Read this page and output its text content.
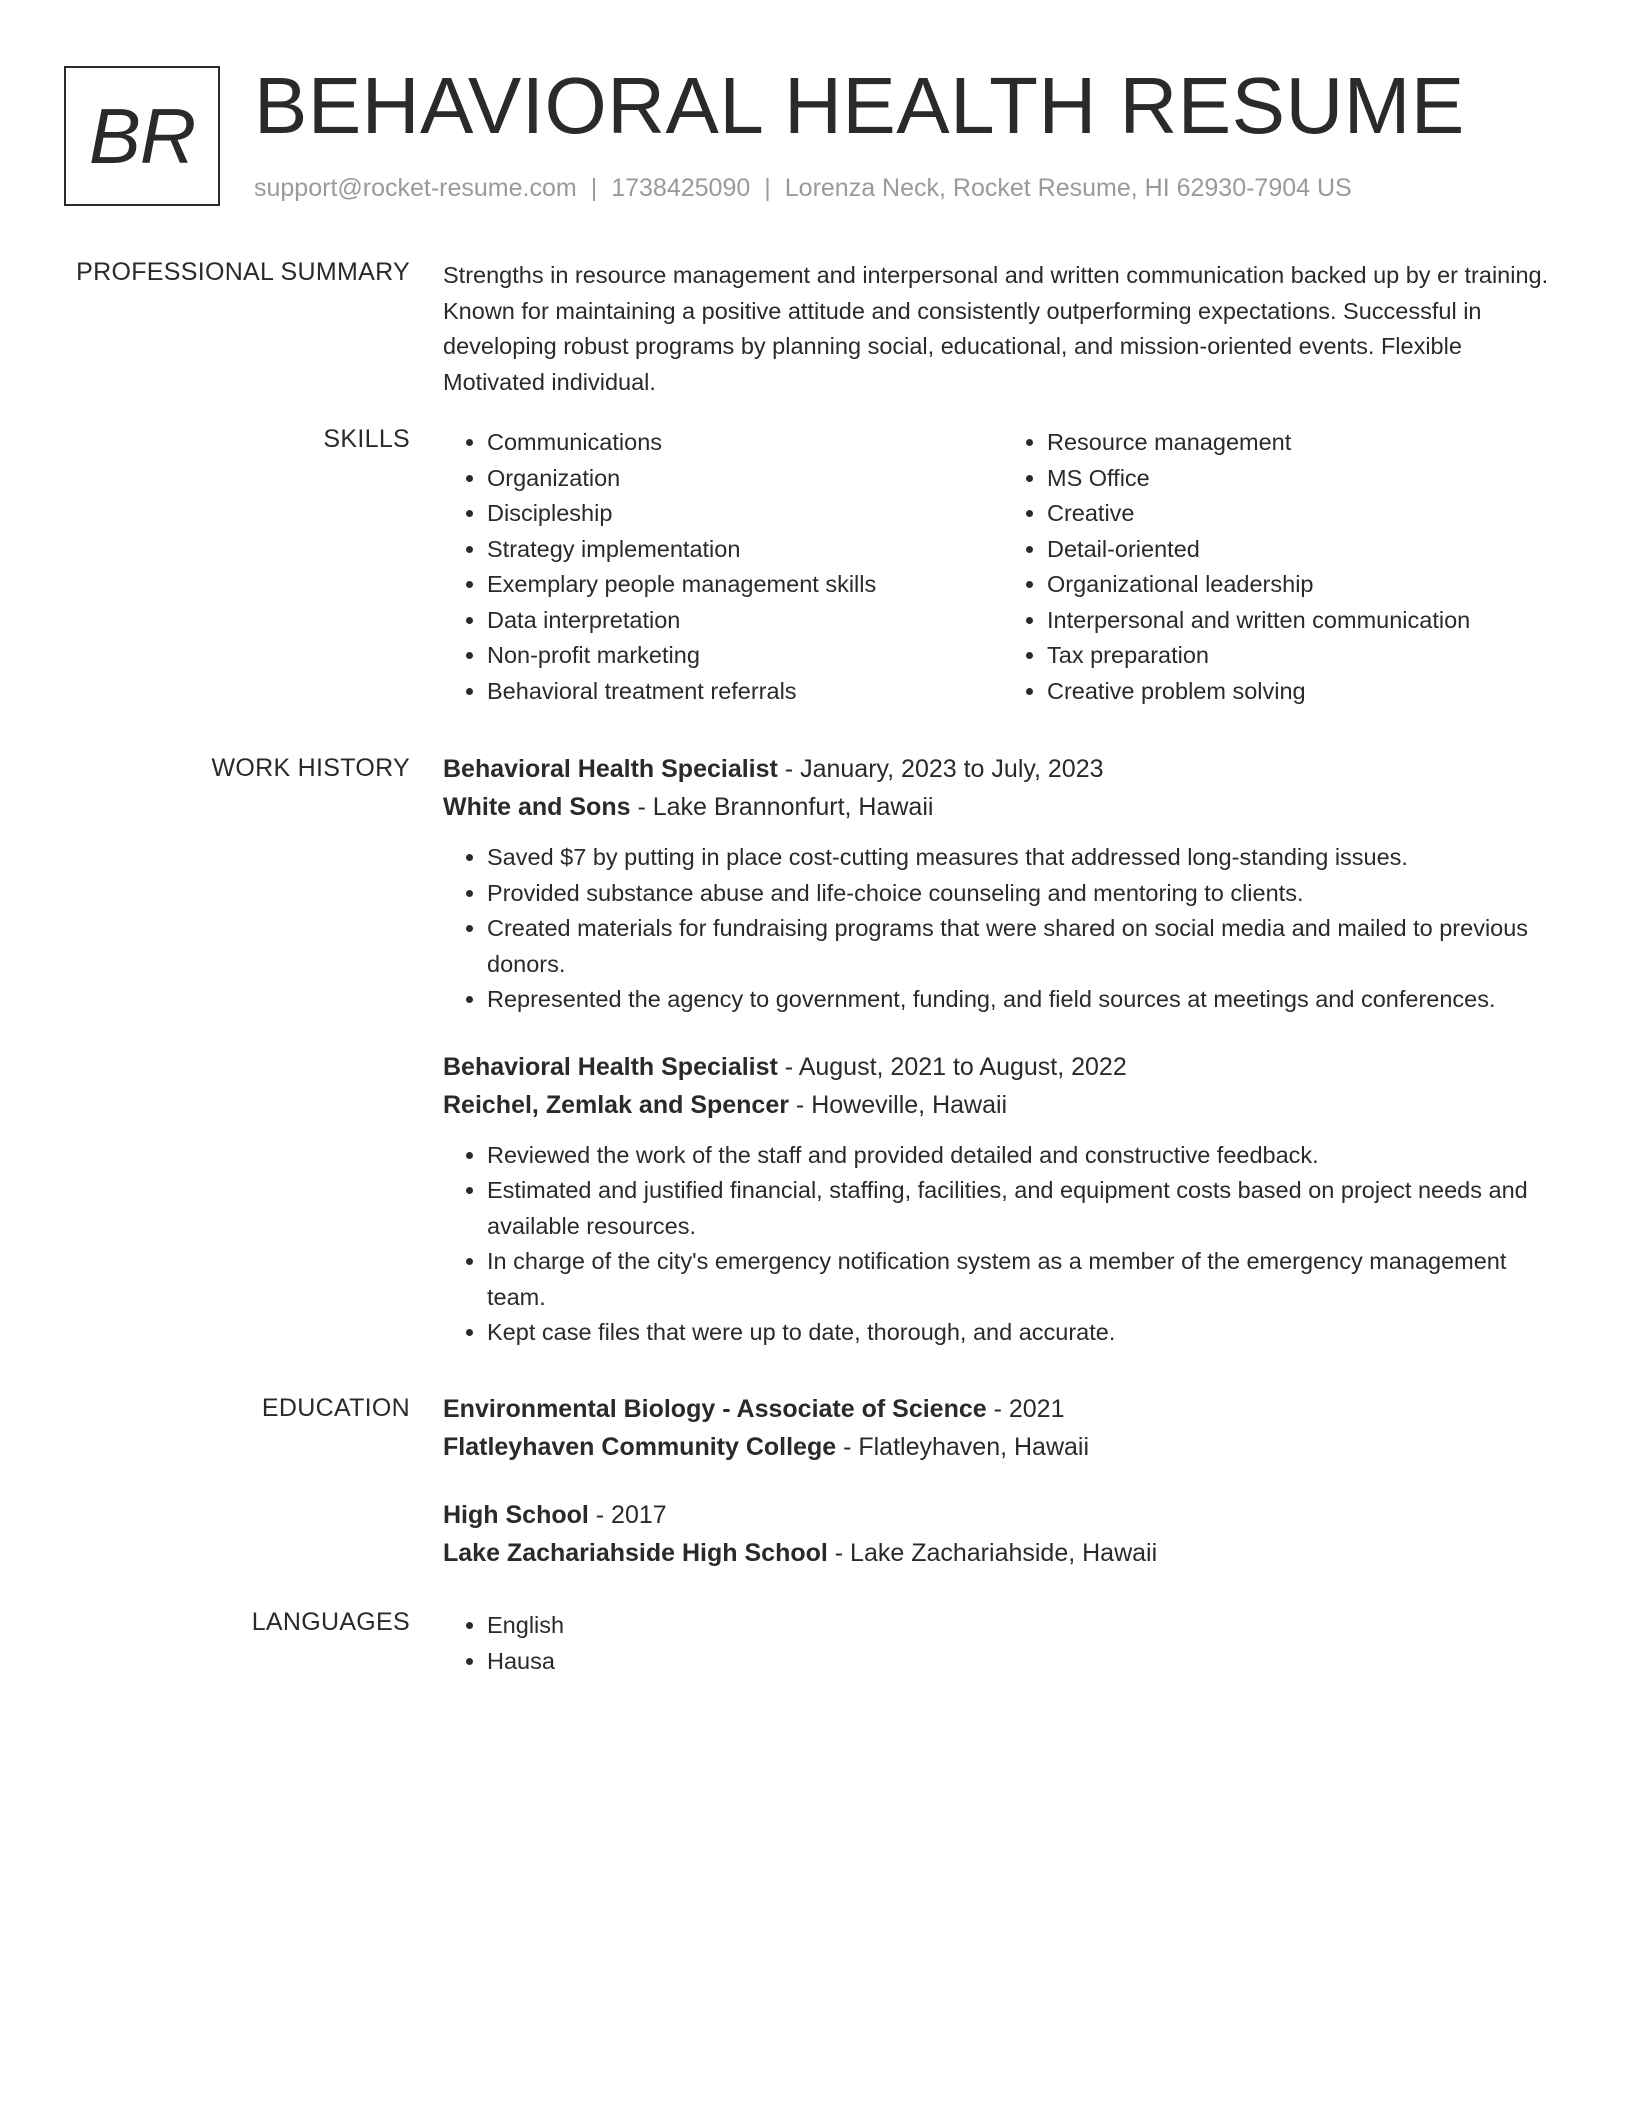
BR BEHAVIORAL HEALTH RESUME
support@rocket-resume.com | 1738425090 | Lorenza Neck, Rocket Resume, HI 62930-7904 US
PROFESSIONAL SUMMARY Strengths in resource management and interpersonal and written communication backed up by er training. Known for maintaining a positive attitude and consistently outperforming expectations. Successful in developing robust programs by planning social, educational, and mission-oriented events. Flexible Motivated individual.

SKILLS	• Communications
• Organization
• Discipleship
• Strategy implementation
• Exemplary people management skills
• Data interpretation
• Non-profit marketing
• Behavioral treatment referrals
• Resource management
• MS Office
• Creative
• Detail-oriented
• Organizational leadership
• Interpersonal and written communication
• Tax preparation
• Creative problem solving
WORK HISTORY Behavioral Health Specialist - January, 2023 to July, 2023
White and Sons - Lake Brannonfurt, Hawaii
• Saved $7 by putting in place cost-cutting measures that addressed long-standing issues.
• Provided substance abuse and life-choice counseling and mentoring to clients.
• Created materials for fundraising programs that were shared on social media and mailed to previous donors.
• Represented the agency to government, funding, and field sources at meetings and conferences.
Behavioral Health Specialist - August, 2021 to August, 2022
Reichel, Zemlak and Spencer - Howeville, Hawaii
• Reviewed the work of the staff and provided detailed and constructive feedback.
• Estimated and justified financial, staffing, facilities, and equipment costs based on project needs and available resources.
• In charge of the city's emergency notification system as a member of the emergency management team.
• Kept case files that were up to date, thorough, and accurate.
EDUCATION Environmental Biology - Associate of Science - 2021
Flatleyhaven Community College - Flatleyhaven, Hawaii
High School - 2017
Lake Zachariahside High School - Lake Zachariahside, Hawaii
LANGUAGES	• English
• Hausa
